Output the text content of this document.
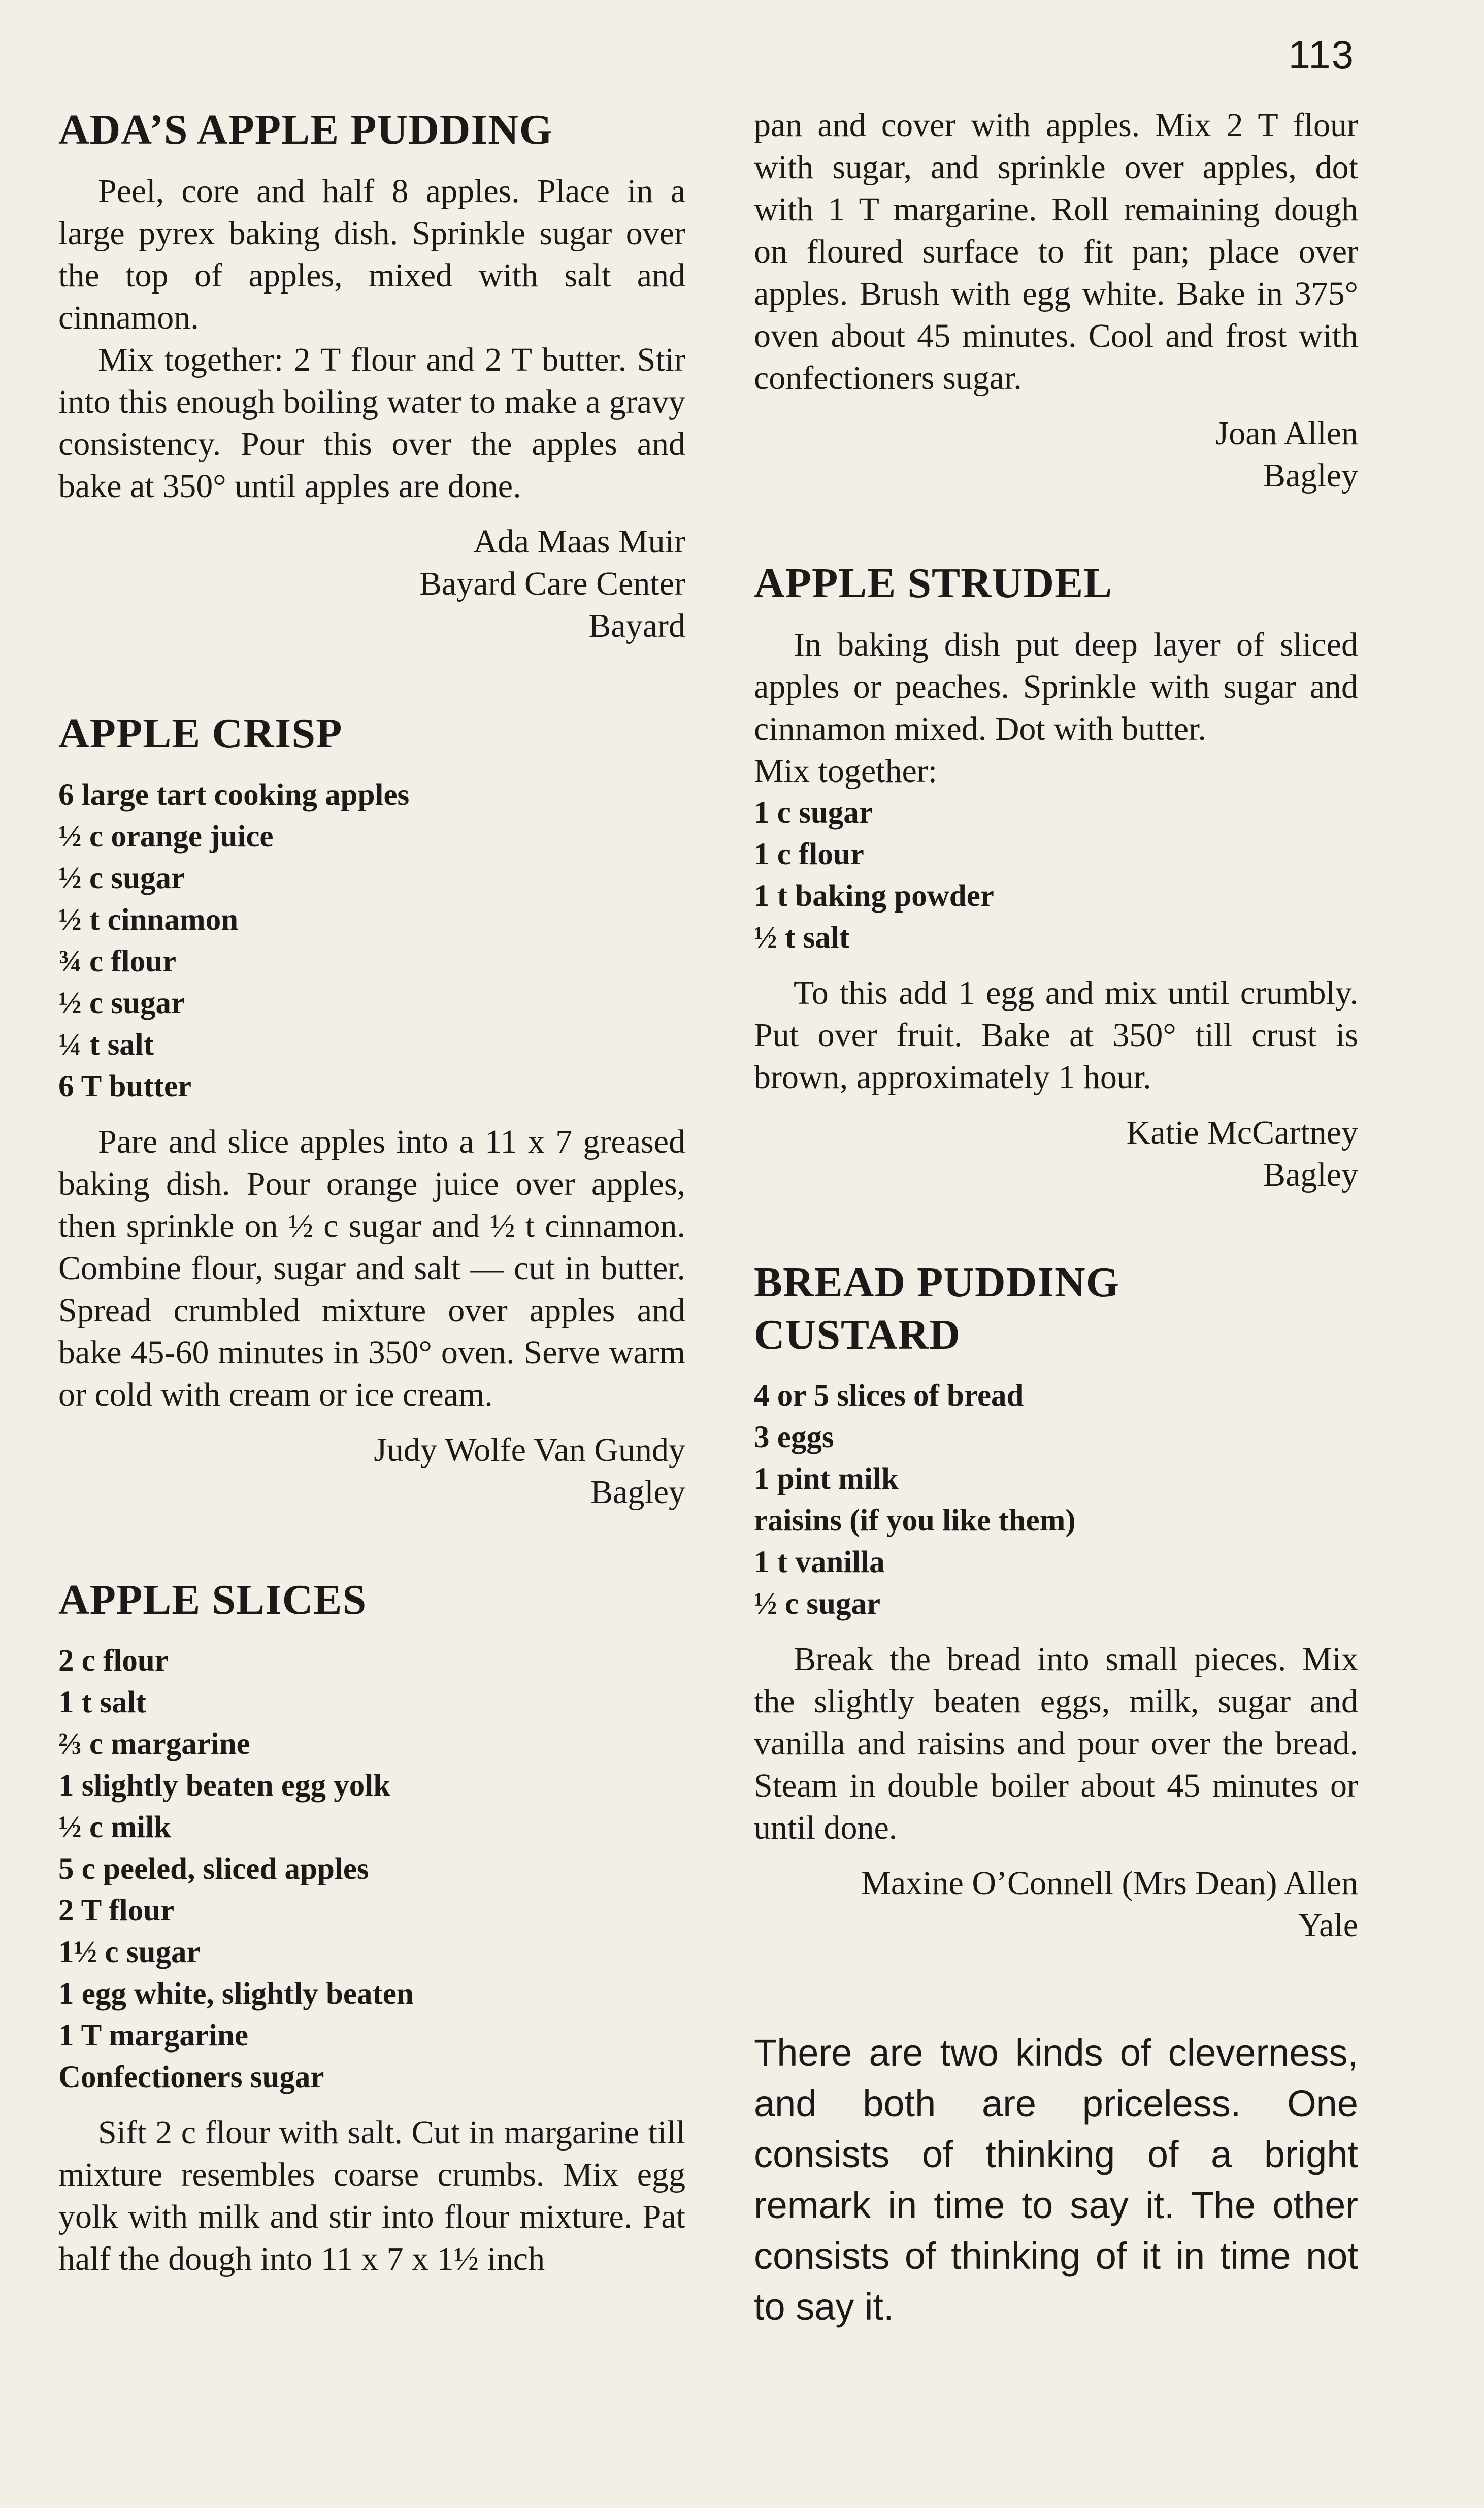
113
ADA’S APPLE PUDDING

Peel, core and half 8 apples. Place in a large pyrex baking dish. Sprinkle sugar over the top of apples, mixed with salt and cinnamon.

Mix together: 2 T flour and 2 T butter. Stir into this enough boiling water to make a gravy consistency. Pour this over the apples and bake at 350° until apples are done.

Ada Maas Muir
Bayard Care Center
Bayard
APPLE CRISP
6 large tart cooking apples
½ c orange juice
½ c sugar
½ t cinnamon
¾ c flour
½ c sugar
¼ t salt
6 T butter

Pare and slice apples into a 11 x 7 greased baking dish. Pour orange juice over apples, then sprinkle on ½ c sugar and ½ t cinnamon. Combine flour, sugar and salt — cut in butter. Spread crumbled mixture over apples and bake 45-60 minutes in 350° oven. Serve warm or cold with cream or ice cream.

Judy Wolfe Van Gundy
Bagley
APPLE SLICES
2 c flour
1 t salt
⅔ c margarine
1 slightly beaten egg yolk
½ c milk
5 c peeled, sliced apples
2 T flour
1½ c sugar
1 egg white, slightly beaten
1 T margarine
Confectioners sugar

Sift 2 c flour with salt. Cut in margarine till mixture resembles coarse crumbs. Mix egg yolk with milk and stir into flour mixture. Pat half the dough into 11 x 7 x 1½ inch

pan and cover with apples. Mix 2 T flour with sugar, and sprinkle over apples, dot with 1 T margarine. Roll remaining dough on floured surface to fit pan; place over apples. Brush with egg white. Bake in 375° oven about 45 minutes. Cool and frost with confectioners sugar.

Joan Allen
Bagley
APPLE STRUDEL

In baking dish put deep layer of sliced apples or peaches. Sprinkle with sugar and cinnamon mixed. Dot with butter.

Mix together:

1 c sugar
1 c flour
1 t baking powder
½ t salt

To this add 1 egg and mix until crumbly. Put over fruit. Bake at 350° till crust is brown, approximately 1 hour.

Katie McCartney
Bagley
BREAD PUDDING
CUSTARD
4 or 5 slices of bread
3 eggs
1 pint milk
raisins (if you like them)
1 t vanilla
½ c sugar

Break the bread into small pieces. Mix the slightly beaten eggs, milk, sugar and vanilla and raisins and pour over the bread. Steam in double boiler about 45 minutes or until done.

Maxine O’Connell (Mrs Dean) Allen
Yale
There are two kinds of cleverness, and both are priceless. One consists of thinking of a bright remark in time to say it. The other consists of thinking of it in time not to say it.
